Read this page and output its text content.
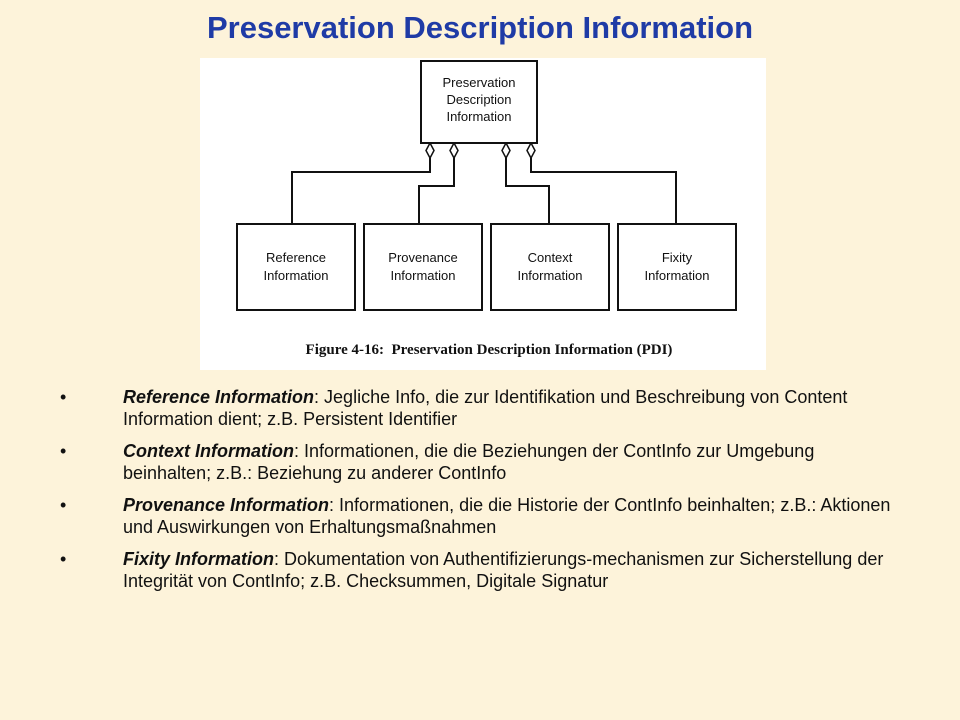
Preservation Description Information
Preservation
Description
Information
Reference
Information
Provenance
Information
Context
Information
Fixity
Information
Figure 4-16:  Preservation Description Information (PDI)
•	Reference Information: Jegliche Info, die zur Identifikation und Beschreibung von Content Information dient; z.B. Persistent Identifier
•	Context Information: Informationen, die die Beziehungen der ContInfo zur Umgebung beinhalten; z.B.: Beziehung zu anderer ContInfo
•	Provenance Information: Informationen, die die Historie der ContInfo beinhalten; z.B.: Aktionen und Auswirkungen von Erhaltungsmaßnahmen
•	Fixity Information: Dokumentation von Authentifizierungs-mechanismen zur Sicherstellung der Integrität von ContInfo; z.B. Checksummen, Digitale Signatur
